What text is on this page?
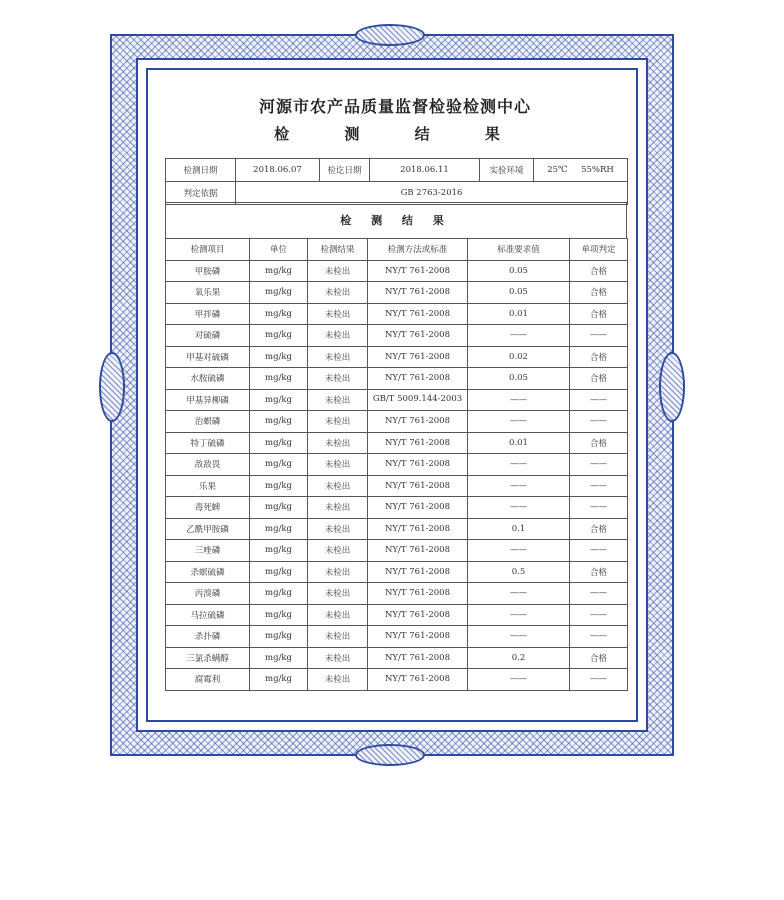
河源市农产品质量监督检验检测中心
检 测 结 果
检测日期	2018.06.07	检讫日期	2018.06.11	实验环境	25℃ 55%RH
判定依据	GB 2763-2016				
检 测 结 果
检测项目	单位	检测结果	检测方法或标准	标准要求值	单项判定
甲胺磷	mg/kg	未检出	NY/T 761-2008	0.05	合格
氧乐果	mg/kg	未检出	NY/T 761-2008	0.05	合格
甲拌磷	mg/kg	未检出	NY/T 761-2008	0.01	合格
对硫磷	mg/kg	未检出	NY/T 761-2008	——	——
甲基对硫磷	mg/kg	未检出	NY/T 761-2008	0.02	合格
水胺硫磷	mg/kg	未检出	NY/T 761-2008	0.05	合格
甲基异柳磷	mg/kg	未检出	GB/T 5009.144-2003	——	——
治螟磷	mg/kg	未检出	NY/T 761-2008	——	——
特丁硫磷	mg/kg	未检出	NY/T 761-2008	0.01	合格
敌敌畏	mg/kg	未检出	NY/T 761-2008	——	——
乐果	mg/kg	未检出	NY/T 761-2008	——	——
毒死蜱	mg/kg	未检出	NY/T 761-2008	——	——
乙酰甲胺磷	mg/kg	未检出	NY/T 761-2008	0.1	合格
三唑磷	mg/kg	未检出	NY/T 761-2008	——	——
杀螟硫磷	mg/kg	未检出	NY/T 761-2008	0.5	合格
丙溴磷	mg/kg	未检出	NY/T 761-2008	——	——
马拉硫磷	mg/kg	未检出	NY/T 761-2008	——	——
杀扑磷	mg/kg	未检出	NY/T 761-2008	——	——
三氯杀螨醇	mg/kg	未检出	NY/T 761-2008	0.2	合格
腐霉利	mg/kg	未检出	NY/T 761-2008	——	——
